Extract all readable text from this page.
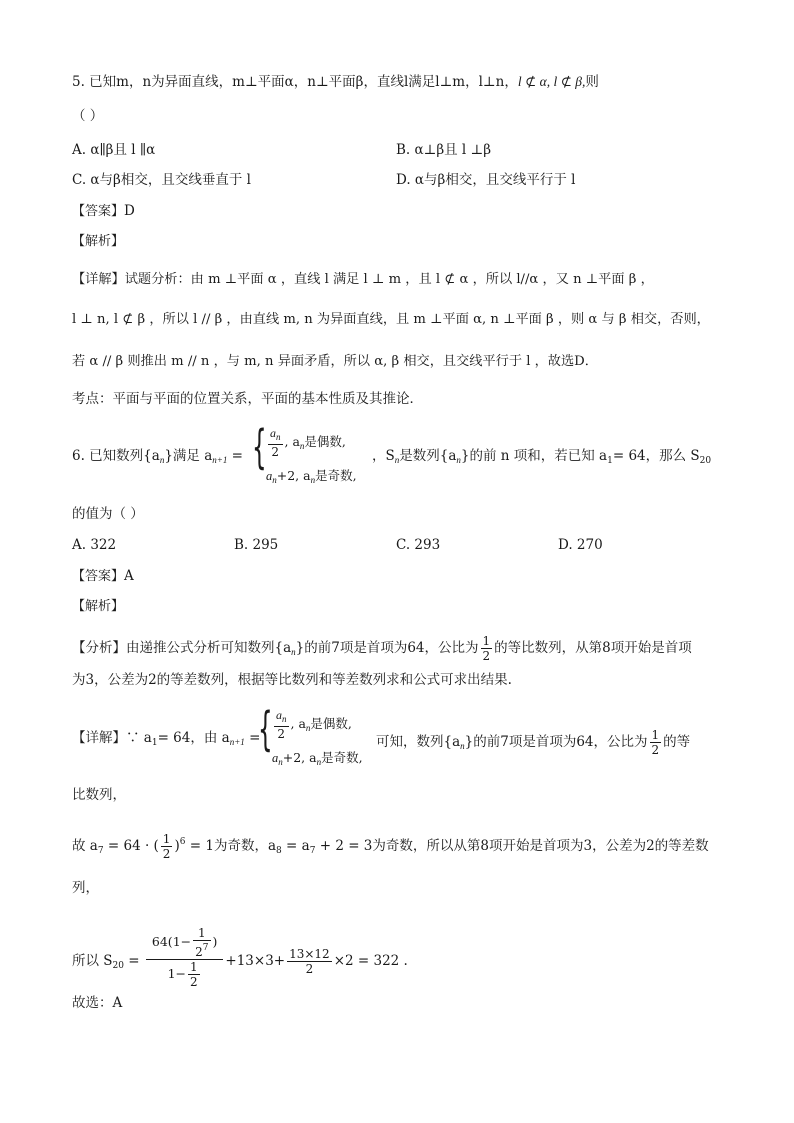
5. 已知m，n为异面直线，m⊥平面α，n⊥平面β，直线l满足l⊥m，l⊥n，l ⊄ α, l ⊄ β,则
（ ）
A. α∥β且 l ∥α	B. α⊥β且 l ⊥β
C. α与β相交，且交线垂直于 l	D. α与β相交，且交线平行于 l
【答案】D
【解析】
【详解】试题分析：由 m ⊥平面 α ，直线 l 满足 l ⊥ m ，且 l ⊄ α ，所以 l//α ，又 n ⊥平面 β ，
l ⊥ n, l ⊄ β ，所以 l // β ，由直线 m, n 为异面直线，且 m ⊥平面 α, n ⊥平面 β ，则 α 与 β 相交，否则，
若 α // β 则推出 m // n ，与 m, n 异面矛盾，所以 α, β 相交，且交线平行于 l ，故选D．
考点：平面与平面的位置关系，平面的基本性质及其推论．
6. 已知数列$\{a_n\}$满足 $a_{n+1}$ = { $\frac{a_n}{2}$ , $a_n$是偶数,
$a_n+2$, $a_n$是奇数,
，$S_n$是数列$\{a_n\}$的前 n 项和，若已知 $a_1= 64$，那么 $S_{20}$
的值为（ ）
A. 322	B. 295	C. 293	D. 270
【答案】A
【解析】
【分析】由递推公式分析可知数列$\{a_n\}$的前7项是首项为64，公比为 $\frac{1}{2}$ 的等比数列，从第8项开始是首项
为3，公差为2的等差数列，根据等比数列和等差数列求和公式可求出结果.
【详解】∵ $a_1= 64$，由 $a_{n+1}$ =
{ $\frac{a_n}{2}$ , $a_n$是偶数,
$a_n+2$, $a_n$是奇数,
可知，数列$\{a_n\}$的前7项是首项为64，公比为 $\frac{1}{2}$ 的等
比数列，
故 $a_7 = 64$ · ( $\frac{1}{2} )^6 = 1$为奇数，$a_8 = a_7 + 2 = 3$为奇数，所以从第8项开始是首项为3，公差为2的等差数
列，
所以 $S_{20} = \frac{64(1- \frac{1}{2^7} )}{1- \frac{1}{2}} +13\times 3+ \frac{13\times 12}{2} \times 2 = 322$ .
故选：A
